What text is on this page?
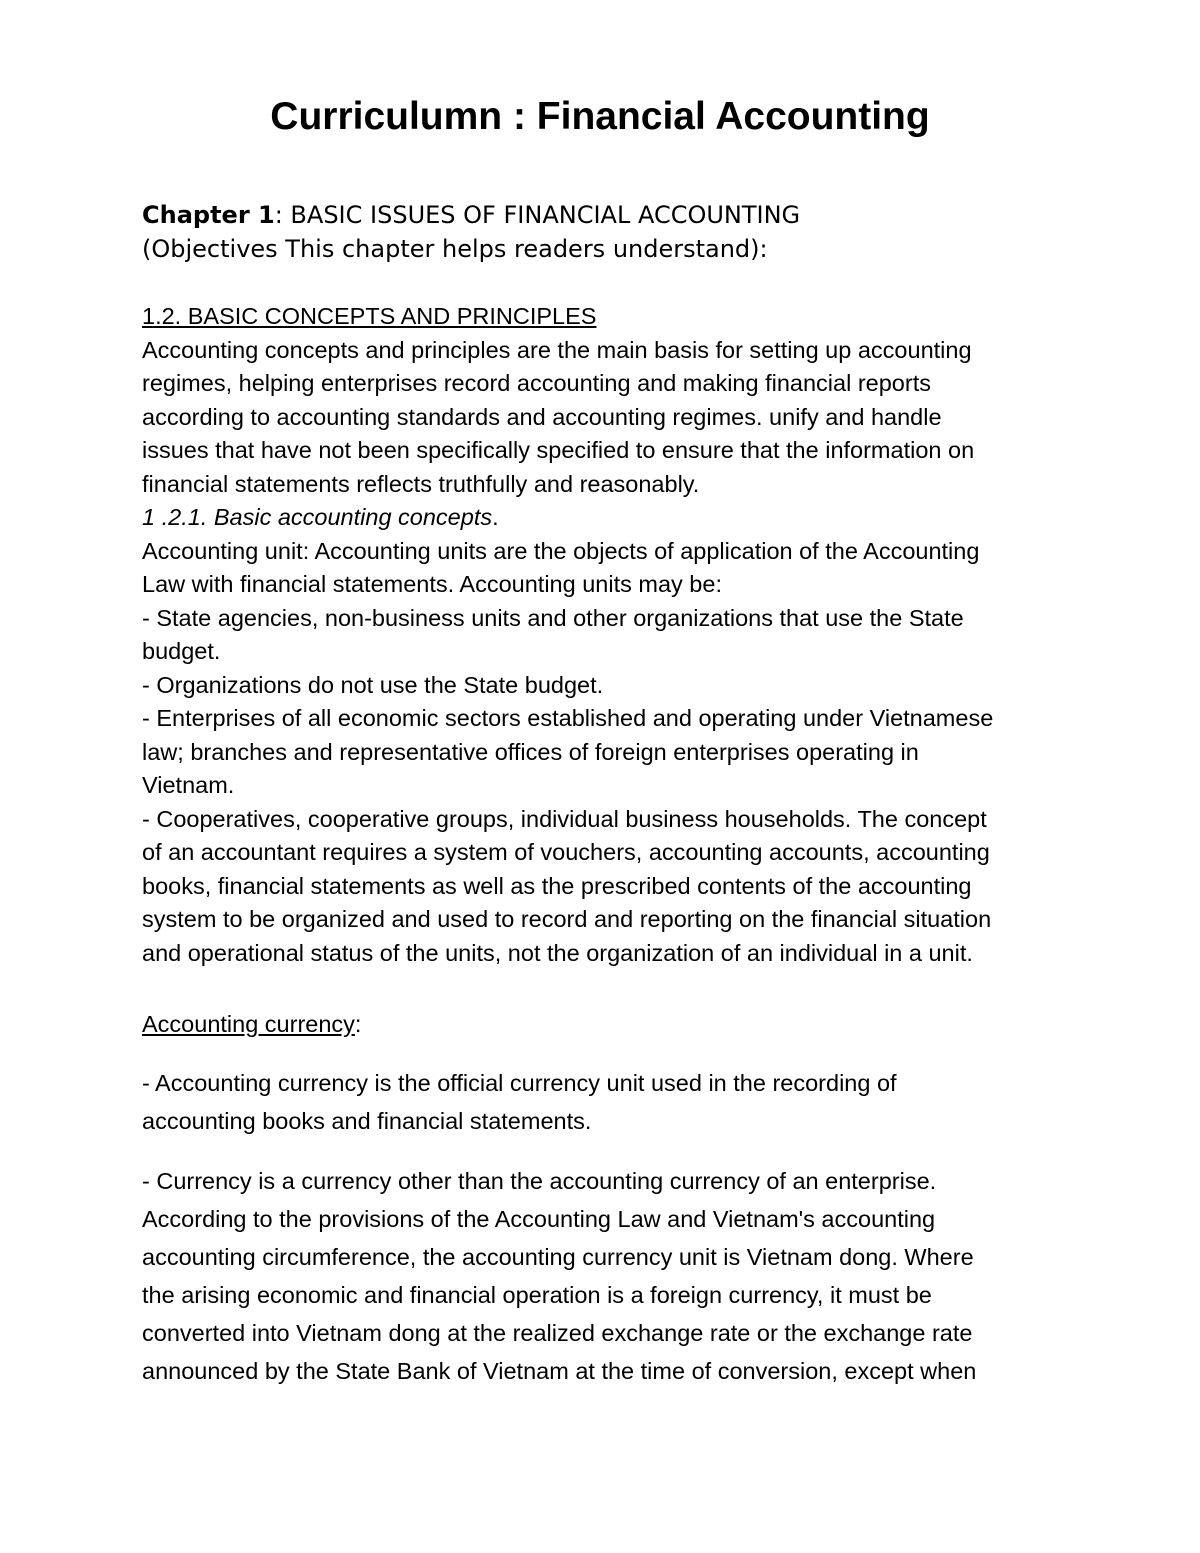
Curriculumn : Financial Accounting
Chapter 1: BASIC ISSUES OF FINANCIAL ACCOUNTING
(Objectives This chapter helps readers understand):

1.2. BASIC CONCEPTS AND PRINCIPLES

Accounting concepts and principles are the main basis for setting up accounting

regimes, helping enterprises record accounting and making financial reports

according to accounting standards and accounting regimes. unify and handle

issues that have not been specifically specified to ensure that the information on

financial statements reflects truthfully and reasonably.

1 .2.1. Basic accounting concepts.

Accounting unit: Accounting units are the objects of application of the Accounting

Law with financial statements. Accounting units may be:

- State agencies, non-business units and other organizations that use the State

budget.

- Organizations do not use the State budget.

- Enterprises of all economic sectors established and operating under Vietnamese

law; branches and representative offices of foreign enterprises operating in

Vietnam.

- Cooperatives, cooperative groups, individual business households. The concept

of an accountant requires a system of vouchers, accounting accounts, accounting

books, financial statements as well as the prescribed contents of the accounting

system to be organized and used to record and reporting on the financial situation

and operational status of the units, not the organization of an individual in a unit.

Accounting currency:

- Accounting currency is the official currency unit used in the recording of

accounting books and financial statements.

- Currency is a currency other than the accounting currency of an enterprise.

According to the provisions of the Accounting Law and Vietnam's accounting

accounting circumference, the accounting currency unit is Vietnam dong. Where

the arising economic and financial operation is a foreign currency, it must be

converted into Vietnam dong at the realized exchange rate or the exchange rate

announced by the State Bank of Vietnam at the time of conversion, except when
